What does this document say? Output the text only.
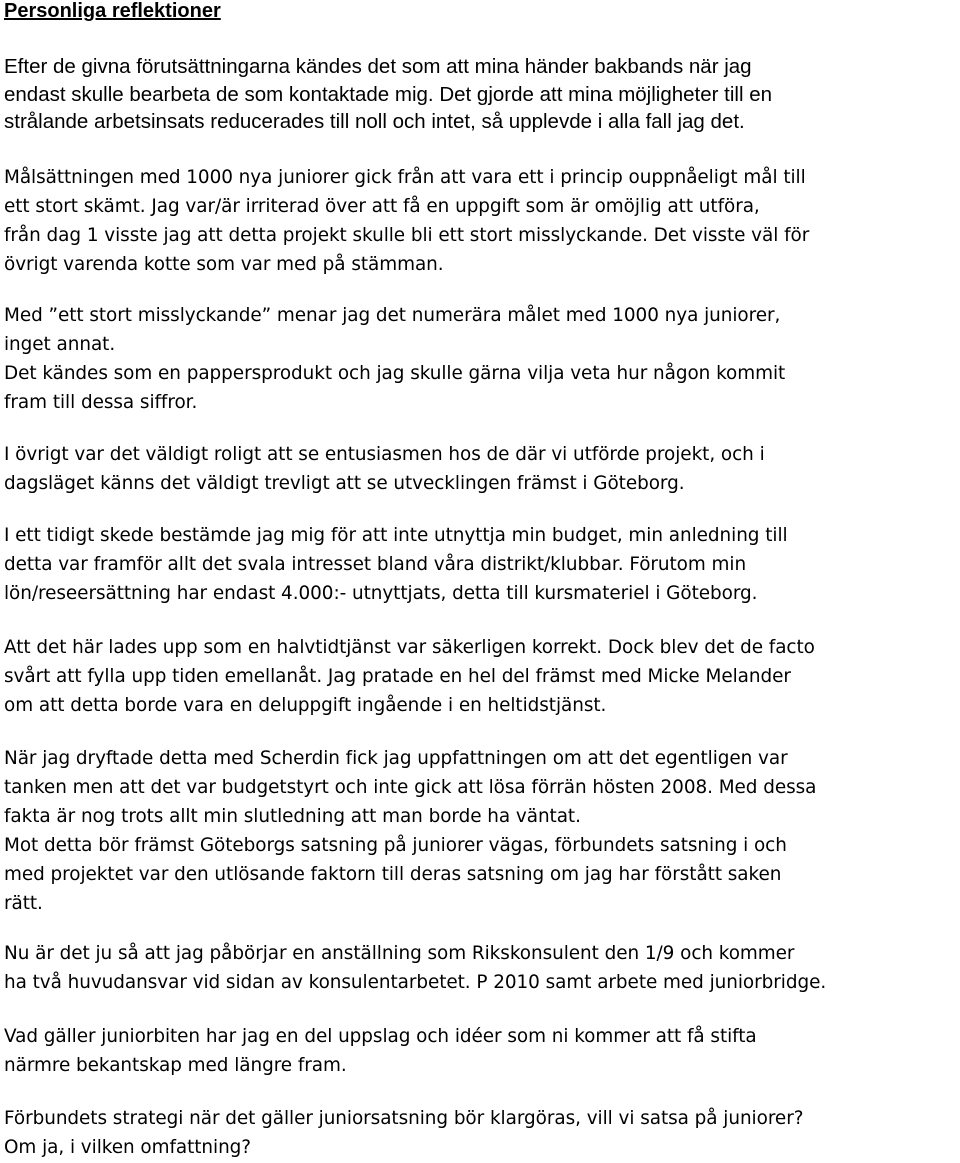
Personliga reflektioner

Efter de givna förutsättningarna kändes det som att mina händer bakbands när jag
endast skulle bearbeta de som kontaktade mig. Det gjorde att mina möjligheter till en
strålande arbetsinsats reducerades till noll och intet, så upplevde i alla fall jag det.

Målsättningen med 1000 nya juniorer gick från att vara ett i princip ouppnåeligt mål till
ett stort skämt. Jag var/är irriterad över att få en uppgift som är omöjlig att utföra,
från dag 1 visste jag att detta projekt skulle bli ett stort misslyckande. Det visste väl för
övrigt varenda kotte som var med på stämman.

Med ”ett stort misslyckande” menar jag det numerära målet med 1000 nya juniorer,
inget annat.
Det kändes som en pappersprodukt och jag skulle gärna vilja veta hur någon kommit
fram till dessa siffror.

I övrigt var det väldigt roligt att se entusiasmen hos de där vi utförde projekt, och i
dagsläget känns det väldigt trevligt att se utvecklingen främst i Göteborg.

I ett tidigt skede bestämde jag mig för att inte utnyttja min budget, min anledning till
detta var framför allt det svala intresset bland våra distrikt/klubbar. Förutom min
lön/reseersättning har endast 4.000:- utnyttjats, detta till kursmateriel i Göteborg.

Att det här lades upp som en halvtidtjänst var säkerligen korrekt. Dock blev det de facto
svårt att fylla upp tiden emellanåt. Jag pratade en hel del främst med Micke Melander
om att detta borde vara en deluppgift ingående i en heltidstjänst.

När jag dryftade detta med Scherdin fick jag uppfattningen om att det egentligen var
tanken men att det var budgetstyrt och inte gick att lösa förrän hösten 2008. Med dessa
fakta är nog trots allt min slutledning att man borde ha väntat.
Mot detta bör främst Göteborgs satsning på juniorer vägas, förbundets satsning i och
med projektet var den utlösande faktorn till deras satsning om jag har förstått saken
rätt.

Nu är det ju så att jag påbörjar en anställning som Rikskonsulent den 1/9 och kommer
ha två huvudansvar vid sidan av konsulentarbetet. P 2010 samt arbete med juniorbridge.

Vad gäller juniorbiten har jag en del uppslag och idéer som ni kommer att få stifta
närmre bekantskap med längre fram.

Förbundets strategi när det gäller juniorsatsning bör klargöras, vill vi satsa på juniorer?
Om ja, i vilken omfattning?
